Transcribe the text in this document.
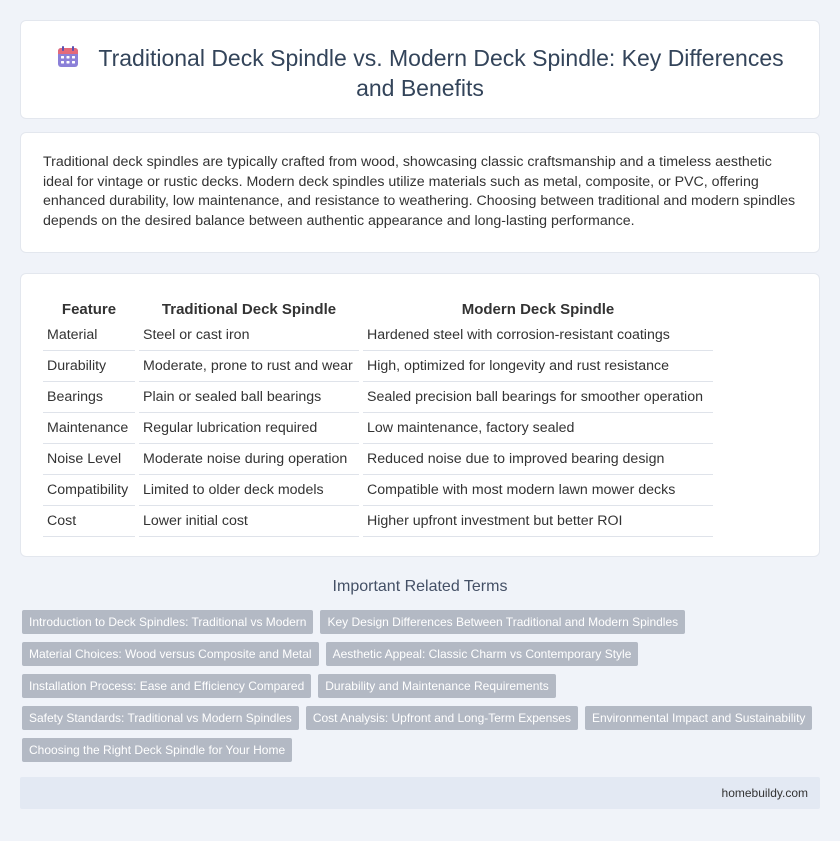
Traditional Deck Spindle vs. Modern Deck Spindle: Key Differences and Benefits

Traditional deck spindles are typically crafted from wood, showcasing classic craftsmanship and a timeless aesthetic ideal for vintage or rustic decks. Modern deck spindles utilize materials such as metal, composite, or PVC, offering enhanced durability, low maintenance, and resistance to weathering. Choosing between traditional and modern spindles depends on the desired balance between authentic appearance and long-lasting performance.

Feature	Traditional Deck Spindle	Modern Deck Spindle
Material	Steel or cast iron	Hardened steel with corrosion-resistant coatings
Durability	Moderate, prone to rust and wear	High, optimized for longevity and rust resistance
Bearings	Plain or sealed ball bearings	Sealed precision ball bearings for smoother operation
Maintenance	Regular lubrication required	Low maintenance, factory sealed
Noise Level	Moderate noise during operation	Reduced noise due to improved bearing design
Compatibility	Limited to older deck models	Compatible with most modern lawn mower decks
Cost	Lower initial cost	Higher upfront investment but better ROI
Important Related Terms
Introduction to Deck Spindles: Traditional vs Modern Key Design Differences Between Traditional and Modern Spindles
Material Choices: Wood versus Composite and Metal Aesthetic Appeal: Classic Charm vs Contemporary Style
Installation Process: Ease and Efficiency Compared Durability and Maintenance Requirements
Safety Standards: Traditional vs Modern Spindles Cost Analysis: Upfront and Long-Term Expenses Environmental Impact and Sustainability
Choosing the Right Deck Spindle for Your Home
homebuildy.com
